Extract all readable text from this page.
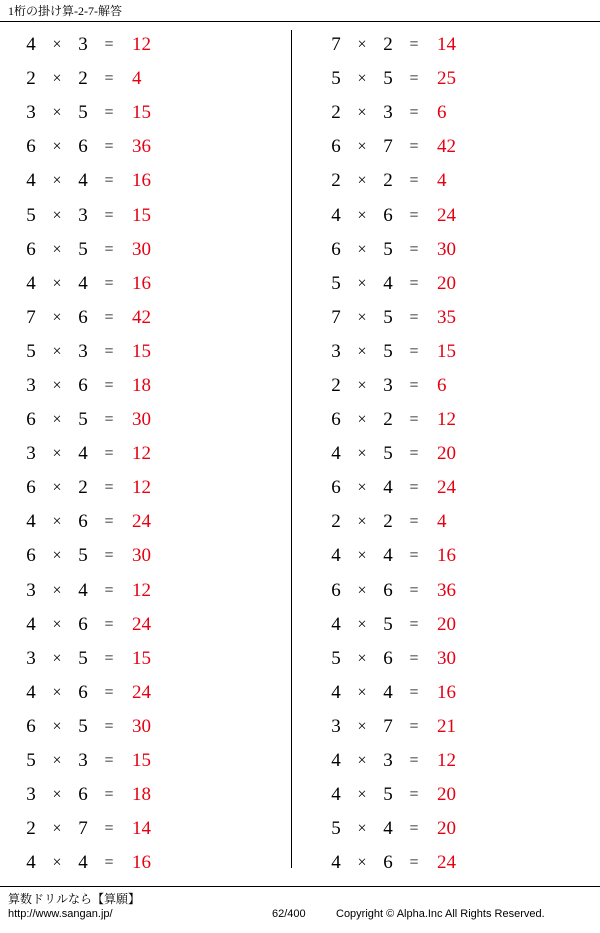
1桁の掛け算-2-7-解答
4	× 3	= 12
2	× 2	= 4
3	× 5	= 15
6	× 6	= 36
4	× 4	= 16
5	× 3	= 15
6	× 5	= 30
4	× 4	= 16
7	× 6	= 42
5	× 3	= 15
3	× 6	= 18
6	× 5	= 30
3	× 4	= 12
6	× 2	= 12
4	× 6	= 24
6	× 5	= 30
3	× 4	= 12
4	× 6	= 24
3	× 5	= 15
4	× 6	= 24
6	× 5	= 30
5	× 3	= 15
3	× 6	= 18
2	× 7	= 14
4	× 4	= 16
7	× 2	= 14
5	× 5	= 25
2	× 3	= 6
6	× 7	= 42
2	× 2	= 4
4	× 6	= 24
6	× 5	= 30
5	× 4	= 20
7	× 5	= 35
3	× 5	= 15
2	× 3	= 6
6	× 2	= 12
4	× 5	= 20
6	× 4	= 24
2	× 2	= 4
4	× 4	= 16
6	× 6	= 36
4	× 5	= 20
5	× 6	= 30
4	× 4	= 16
3	× 7	= 21
4	× 3	= 12
4	× 5	= 20
5	× 4	= 20
4	× 6	= 24
算数ドリルなら【算願】
http://www.sangan.jp/	62/400	Copyright © Alpha.Inc All Rights Reserved.
